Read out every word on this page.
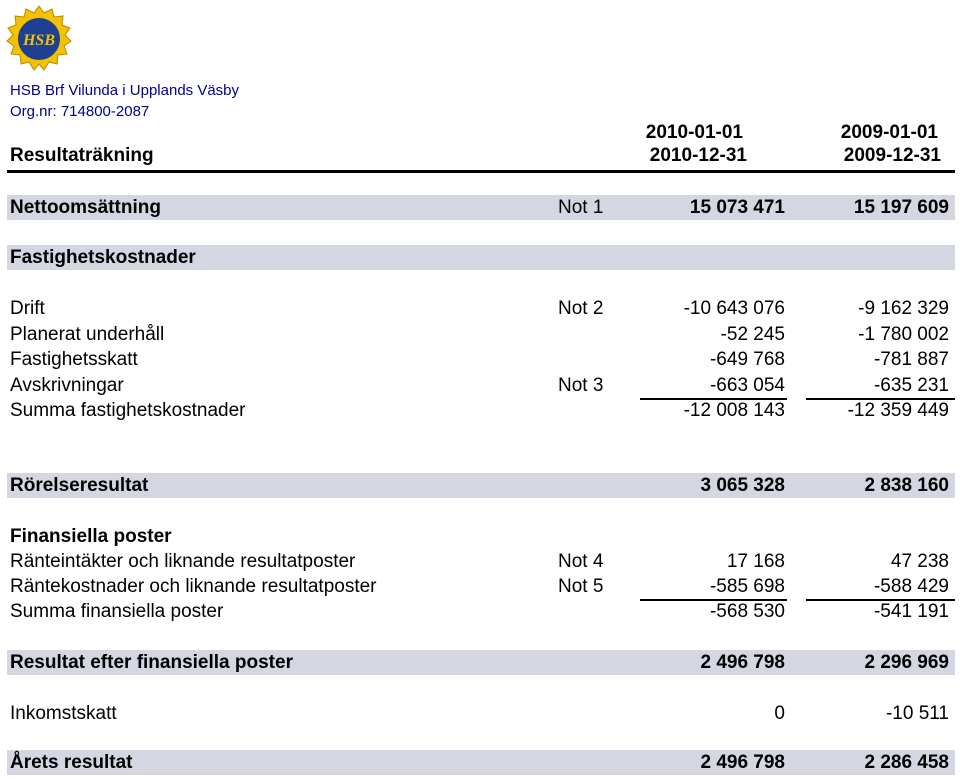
HSB
HSB Brf Vilunda i Upplands Väsby
Org.nr: 714800-2087
Resultaträkning
2010-01-01
2010-12-31
2009-01-01
2009-12-31
Nettoomsättning	Not 1	15 073 471	15 197 609
Fastighetskostnader
Drift	Not 2	-10 643 076	-9 162 329
Planerat underhåll	-52 245	-1 780 002
Fastighetsskatt	-649 768	-781 887
Avskrivningar	Not 3	-663 054	-635 231
Summa fastighetskostnader	-12 008 143	-12 359 449
Rörelseresultat	3 065 328	2 838 160
Finansiella poster
Ränteintäkter och liknande resultatposter	Not 4	17 168	47 238
Räntekostnader och liknande resultatposter	Not 5	-585 698	-588 429
Summa finansiella poster	-568 530	-541 191
Resultat efter finansiella poster	2 496 798	2 296 969
Inkomstskatt	0	-10 511
Årets resultat	2 496 798	2 286 458
